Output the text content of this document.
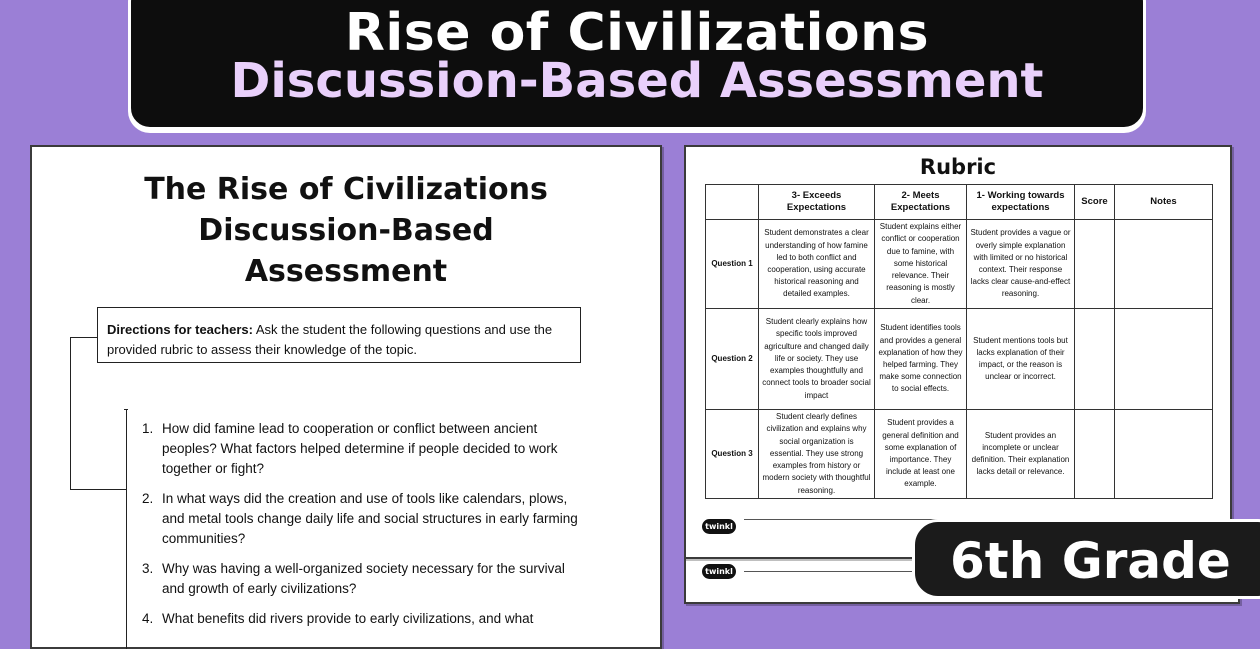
Rise of Civilizations
Discussion-Based Assessment
The Rise of Civilizations
Discussion-Based
Assessment
Directions for teachers: Ask the student the following questions and use the provided rubric to assess their knowledge of the topic.
1. How did famine lead to cooperation or conflict between ancient peoples? What factors helped determine if people decided to work together or fight?
2. In what ways did the creation and use of tools like calendars, plows, and metal tools change daily life and social structures in early farming communities?
3. Why was having a well-organized society necessary for the survival and growth of early civilizations?
4. What benefits did rivers provide to early civilizations, and what
twinkl
Rubric
	3- Exceeds Expectations	2- Meets Expectations	1- Working towards expectations	Score	Notes
Question 1	Student demonstrates a clear understanding of how famine led to both conflict and cooperation, using accurate historical reasoning and detailed examples.	Student explains either conflict or cooperation due to famine, with some historical relevance. Their reasoning is mostly clear.	Student provides a vague or overly simple explanation with limited or no historical context. Their response lacks clear cause-and-effect reasoning.		
Question 2	Student clearly explains how specific tools improved agriculture and changed daily life or society. They use examples thoughtfully and connect tools to broader social impact	Student identifies tools and provides a general explanation of how they helped farming. They make some connection to social effects.	Student mentions tools but lacks explanation of their impact, or the reason is unclear or incorrect.		
Question 3	Student clearly defines civilization and explains why social organization is essential. They use strong examples from history or modern society with thoughtful reasoning.	Student provides a general definition and some explanation of importance. They include at least one example.	Student provides an incomplete or unclear definition. Their explanation lacks detail or relevance.		
twinkl
6th Grade
